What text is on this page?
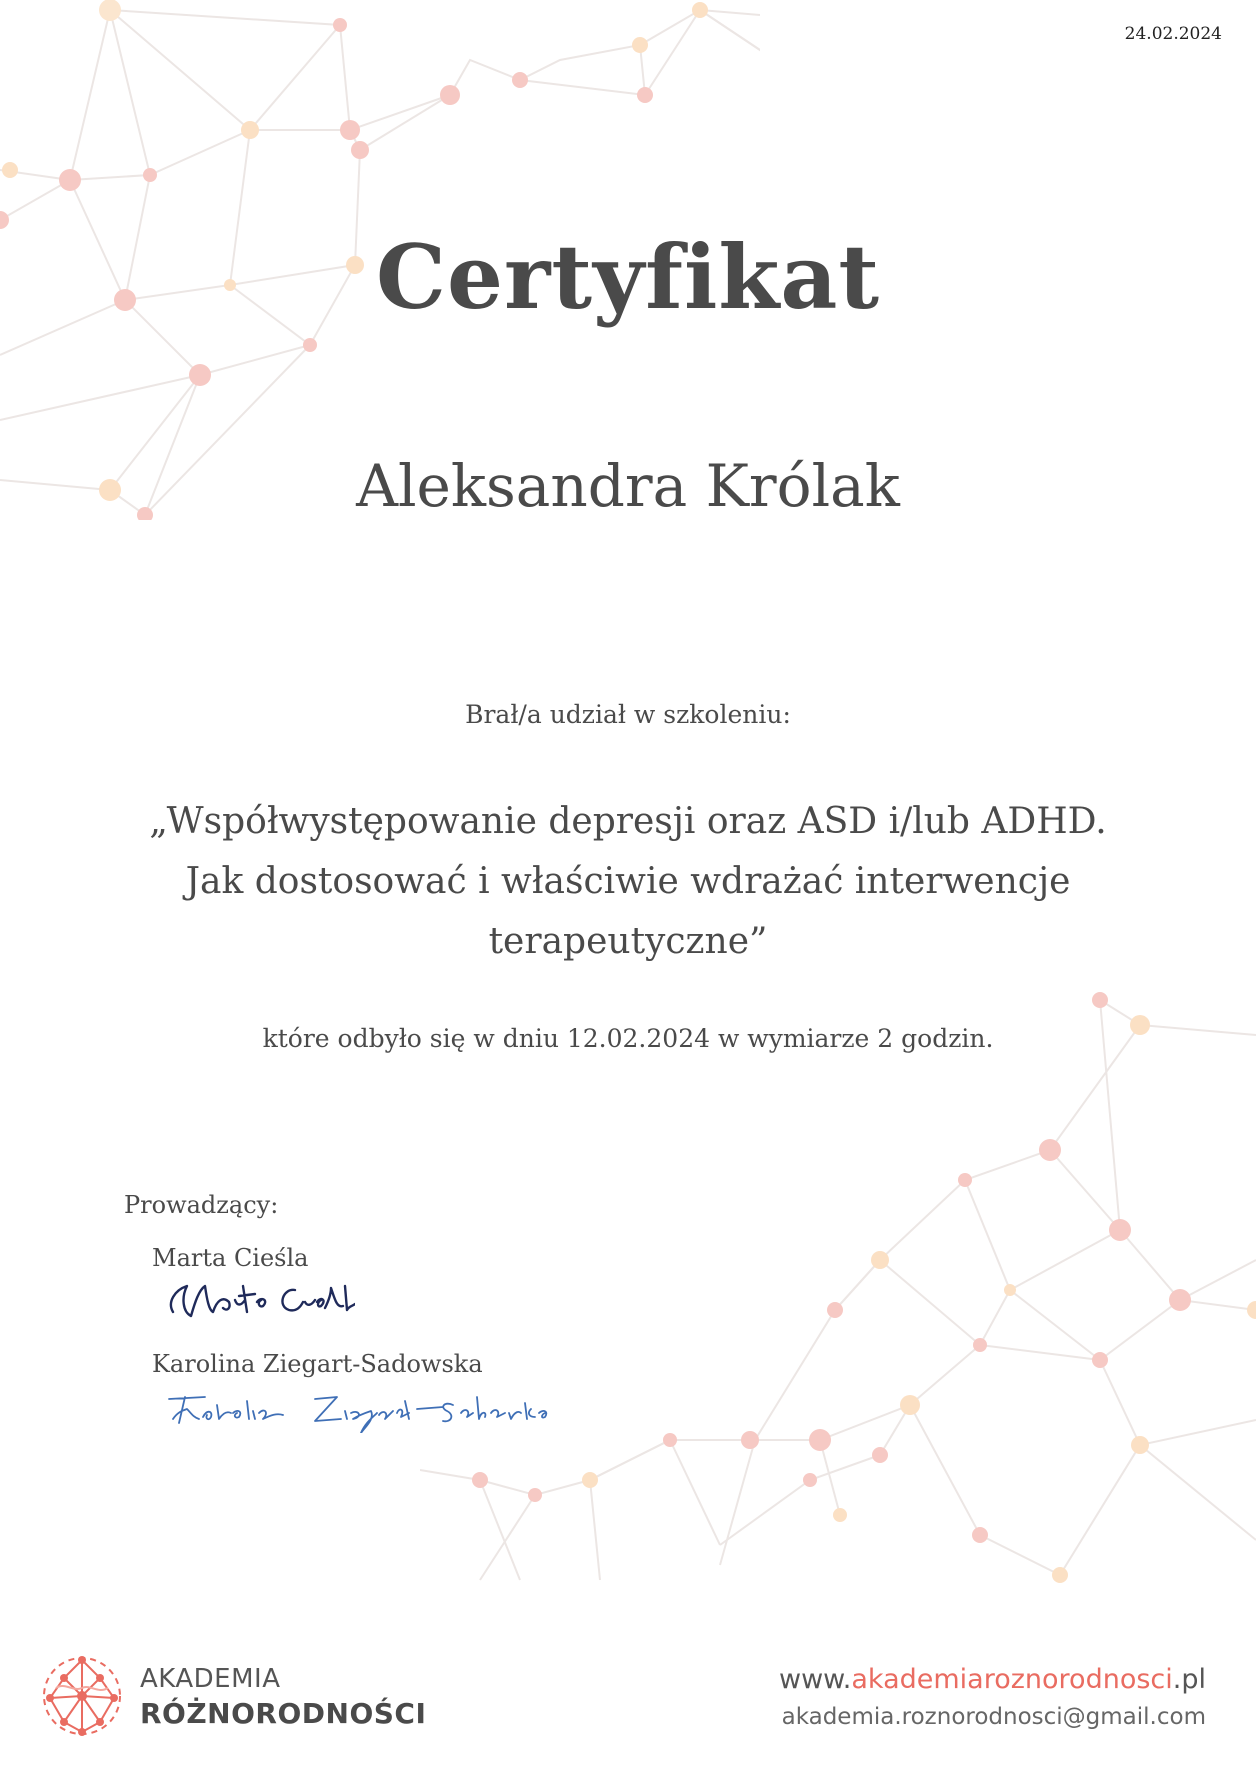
24.02.2024
Certyfikat
Aleksandra Królak
Brał/a udział w szkoleniu:
„Współwystępowanie depresji oraz ASD i/lub ADHD.
Jak dostosować i właściwie wdrażać interwencje
terapeutyczne”
które odbyło się w dniu 12.02.2024 w wymiarze 2 godzin.
Prowadzący:
Marta Cieśla
Karolina Ziegart-Sadowska
AKADEMIA
RÓŻNORODNOŚCI
www.akademiaroznorodnosci.pl
akademia.roznorodnosci@gmail.com
